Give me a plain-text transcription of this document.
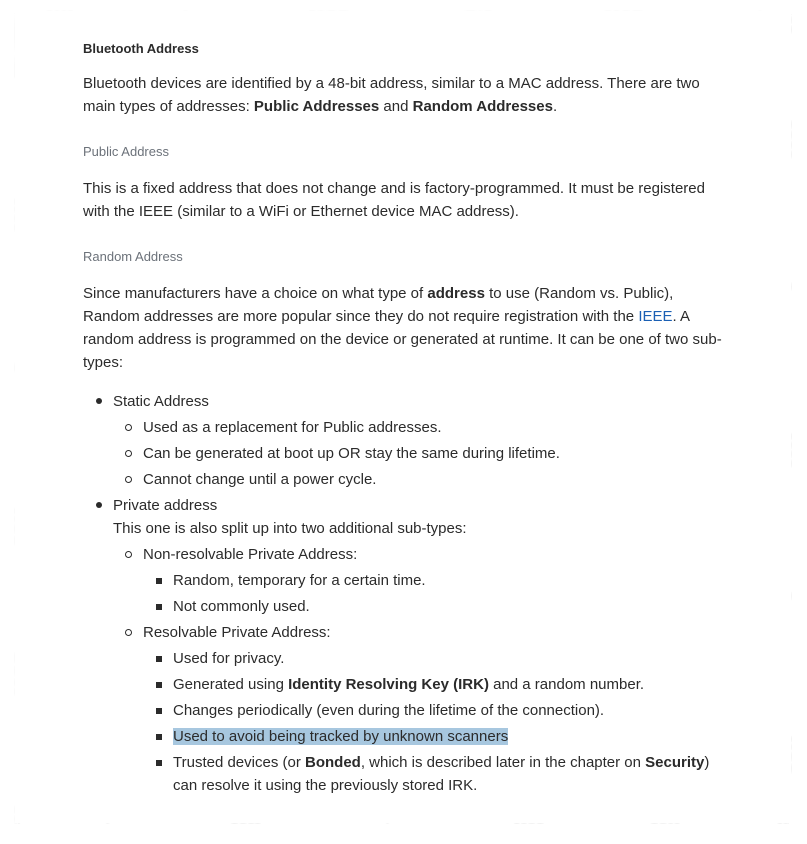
Bluetooth Address

Bluetooth devices are identified by a 48-bit address, similar to a MAC address. There are two main types of addresses: Public Addresses and Random Addresses.

Public Address

This is a fixed address that does not change and is factory-programmed. It must be registered with the IEEE (similar to a WiFi or Ethernet device MAC address).

Random Address

Since manufacturers have a choice on what type of address to use (Random vs. Public), Random addresses are more popular since they do not require registration with the IEEE. A random address is programmed on the device or generated at runtime. It can be one of two sub-types:

Static Address
Used as a replacement for Public addresses.
Can be generated at boot up OR stay the same during lifetime.
Cannot change until a power cycle.
Private address
This one is also split up into two additional sub-types:
Non-resolvable Private Address:
Random, temporary for a certain time.
Not commonly used.
Resolvable Private Address:
Used for privacy.
Generated using Identity Resolving Key (IRK) and a random number.
Changes periodically (even during the lifetime of the connection).
Used to avoid being tracked by unknown scanners
Trusted devices (or Bonded, which is described later in the chapter on Security) can resolve it using the previously stored IRK.
